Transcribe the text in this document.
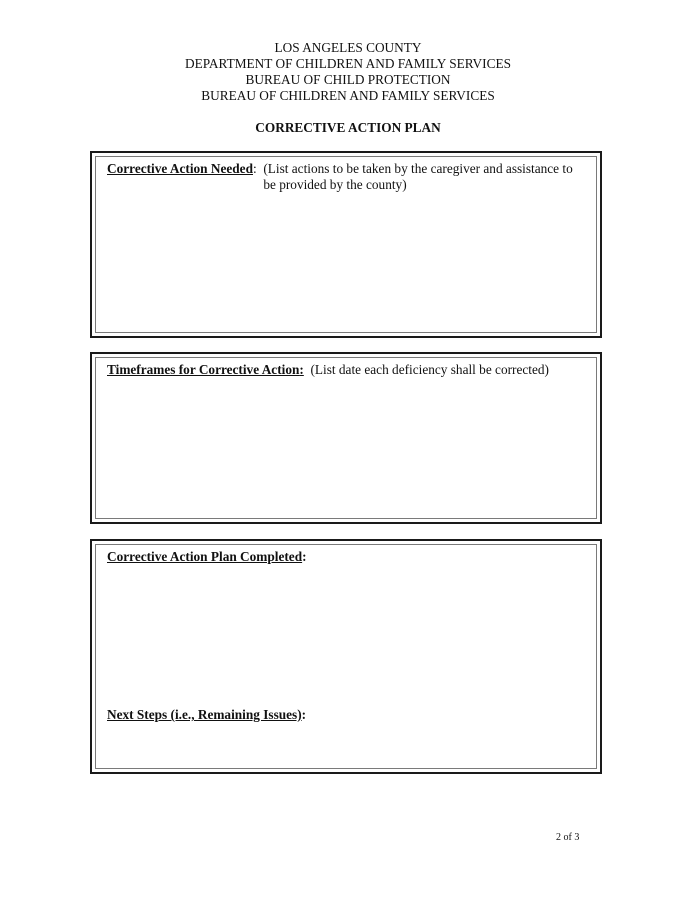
LOS ANGELES COUNTY
DEPARTMENT OF CHILDREN AND FAMILY SERVICES
BUREAU OF CHILD PROTECTION
BUREAU OF CHILDREN AND FAMILY SERVICES
CORRECTIVE ACTION PLAN
Corrective Action Needed: (List actions to be taken by the caregiver and assistance to
be provided by the county)
Timeframes for Corrective Action: (List date each deficiency shall be corrected)
Corrective Action Plan Completed:
Next Steps (i.e., Remaining Issues):
2 of 3
